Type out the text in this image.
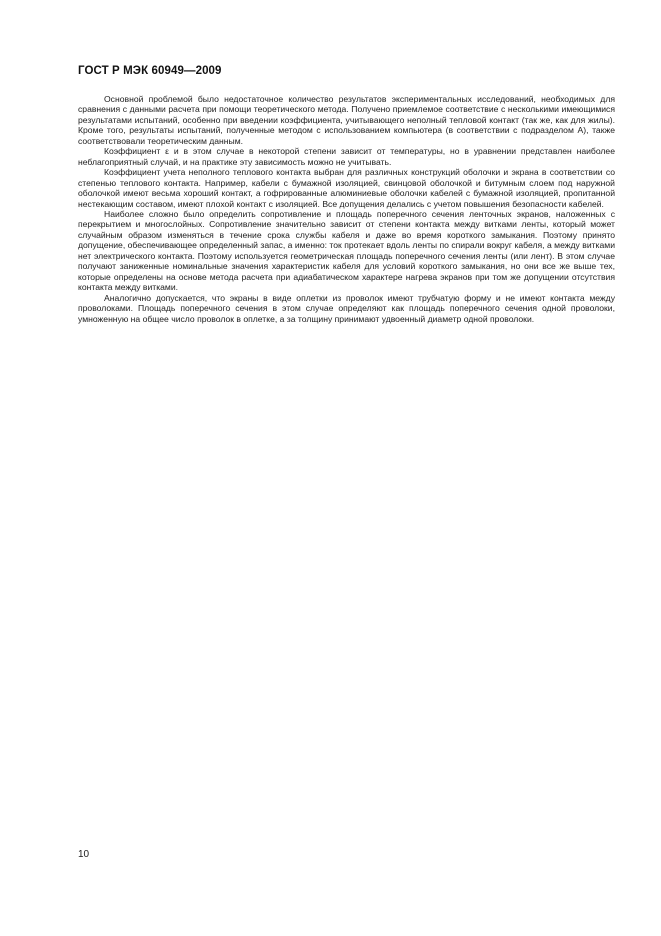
ГОСТ Р МЭК 60949—2009

Основной проблемой было недостаточное количество результатов экспериментальных исследований, необходимых для сравнения с данными расчета при помощи теоретического метода. Получено приемлемое соответствие с несколькими имеющимися результатами испытаний, особенно при введении коэффициента, учитывающего неполный тепловой контакт (так же, как для жилы). Кроме того, результаты испытаний, полученные методом с использованием компьютера (в соответствии с подразделом А), также соответствовали теоретическим данным.

Коэффициент ε и в этом случае в некоторой степени зависит от температуры, но в уравнении представлен наиболее неблагоприятный случай, и на практике эту зависимость можно не учитывать.

Коэффициент учета неполного теплового контакта выбран для различных конструкций оболочки и экрана в соответствии со степенью теплового контакта. Например, кабели с бумажной изоляцией, свинцовой оболочкой и битумным слоем под наружной оболочкой имеют весьма хороший контакт, а гофрированные алюминиевые оболочки кабелей с бумажной изоляцией, пропитанной нестекающим составом, имеют плохой контакт с изоляцией. Все допущения делались с учетом повышения безопасности кабелей.

Наиболее сложно было определить сопротивление и площадь поперечного сечения ленточных экранов, наложенных с перекрытием и многослойных. Сопротивление значительно зависит от степени контакта между витками ленты, который может случайным образом изменяться в течение срока службы кабеля и даже во время короткого замыкания. Поэтому принято допущение, обеспечивающее определенный запас, а именно: ток протекает вдоль ленты по спирали вокруг кабеля, а между витками нет электрического контакта. Поэтому используется геометрическая площадь поперечного сечения ленты (или лент). В этом случае получают заниженные номинальные значения характеристик кабеля для условий короткого замыкания, но они все же выше тех, которые определены на основе метода расчета при адиабатическом характере нагрева экранов при том же допущении отсутствия контакта между витками.

Аналогично допускается, что экраны в виде оплетки из проволок имеют трубчатую форму и не имеют контакта между проволоками. Площадь поперечного сечения в этом случае определяют как площадь поперечного сечения одной проволоки, умноженную на общее число проволок в оплетке, а за толщину принимают удвоенный диаметр одной проволоки.

10
